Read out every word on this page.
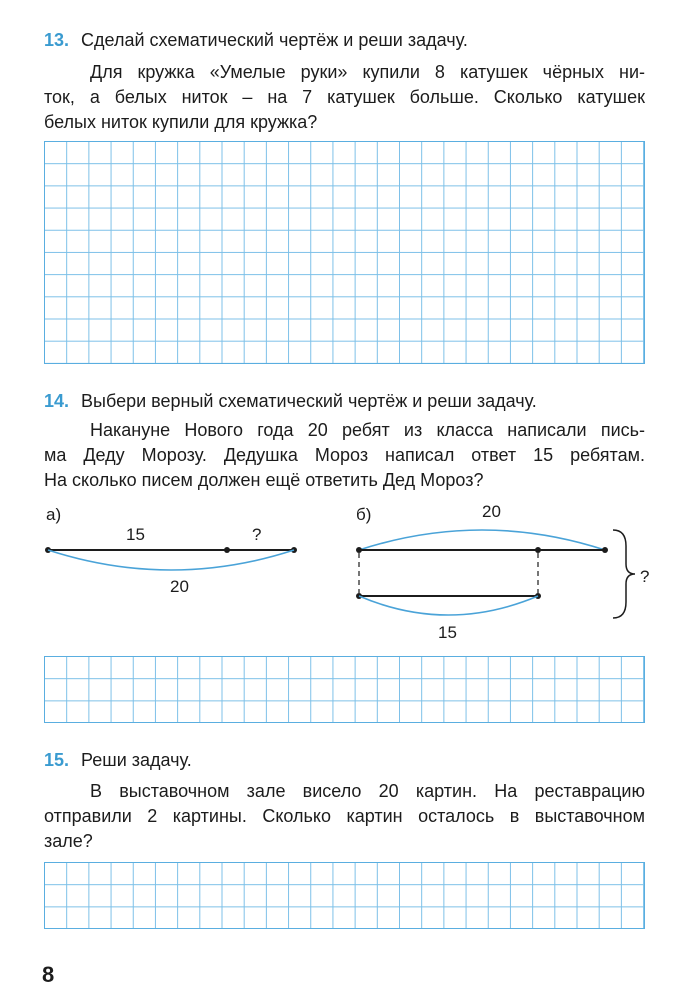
13. Сделай схематический чертёж и реши задачу.
Для кружка «Умелые руки» купили 8 катушек чёрных ни-
ток, а белых ниток – на 7 катушек больше. Сколько катушек
белых ниток купили для кружка?
14. Выбери верный схематический чертёж и реши задачу.
Накануне Нового года 20 ребят из класса написали пись-
ма Деду Морозу. Дедушка Мороз написал ответ 15 ребятам.
На сколько писем должен ещё ответить Дед Мороз?
а)
15	?
20
б)	20
15
?
15. Реши задачу.
В выставочном зале висело 20 картин. На реставрацию
отправили 2 картины. Сколько картин осталось в выставочном
зале?
8
